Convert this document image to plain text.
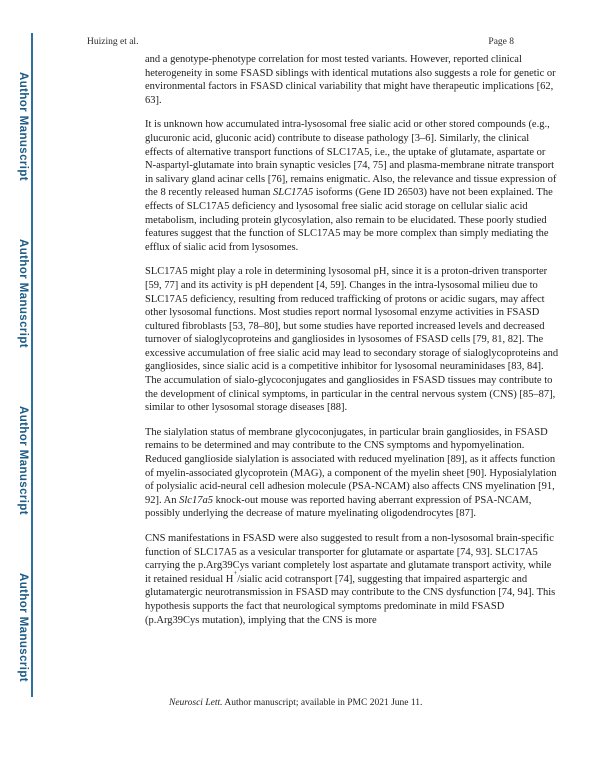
Huizing et al.	Page 8
Author Manuscript
Author Manuscript
Author Manuscript
Author Manuscript

and a genotype-phenotype correlation for most tested variants. However, reported clinical heterogeneity in some FSASD siblings with identical mutations also suggests a role for genetic or environmental factors in FSASD clinical variability that might have therapeutic implications [62, 63].

It is unknown how accumulated intra-lysosomal free sialic acid or other stored compounds (e.g., glucuronic acid, gluconic acid) contribute to disease pathology [3–6]. Similarly, the clinical effects of alternative transport functions of SLC17A5, i.e., the uptake of glutamate, aspartate or N-aspartyl-glutamate into brain synaptic vesicles [74, 75] and plasma-membrane nitrate transport in salivary gland acinar cells [76], remains enigmatic. Also, the relevance and tissue expression of the 8 recently released human SLC17A5 isoforms (Gene ID 26503) have not been explained. The effects of SLC17A5 deficiency and lysosomal free sialic acid storage on cellular sialic acid metabolism, including protein glycosylation, also remain to be elucidated. These poorly studied features suggest that the function of SLC17A5 may be more complex than simply mediating the efflux of sialic acid from lysosomes.

SLC17A5 might play a role in determining lysosomal pH, since it is a proton-driven transporter [59, 77] and its activity is pH dependent [4, 59]. Changes in the intra-lysosomal milieu due to SLC17A5 deficiency, resulting from reduced trafficking of protons or acidic sugars, may affect other lysosomal functions. Most studies report normal lysosomal enzyme activities in FSASD cultured fibroblasts [53, 78–80], but some studies have reported increased levels and decreased turnover of sialoglycoproteins and gangliosides in lysosomes of FSASD cells [79, 81, 82]. The excessive accumulation of free sialic acid may lead to secondary storage of sialoglycoproteins and gangliosides, since sialic acid is a competitive inhibitor for lysosomal neuraminidases [83, 84]. The accumulation of sialo-glycoconjugates and gangliosides in FSASD tissues may contribute to the development of clinical symptoms, in particular in the central nervous system (CNS) [85–87], similar to other lysosomal storage diseases [88].

The sialylation status of membrane glycoconjugates, in particular brain gangliosides, in FSASD remains to be determined and may contribute to the CNS symptoms and hypomyelination. Reduced ganglioside sialylation is associated with reduced myelination [89], as it affects function of myelin-associated glycoprotein (MAG), a component of the myelin sheet [90]. Hyposialylation of polysialic acid-neural cell adhesion molecule (PSA-NCAM) also affects CNS myelination [91, 92]. An Slc17a5 knock-out mouse was reported having aberrant expression of PSA-NCAM, possibly underlying the decrease of mature myelinating oligodendrocytes [87].

CNS manifestations in FSASD were also suggested to result from a non-lysosomal brain-specific function of SLC17A5 as a vesicular transporter for glutamate or aspartate [74, 93]. SLC17A5 carrying the p.Arg39Cys variant completely lost aspartate and glutamate transport activity, while it retained residual H+/sialic acid cotransport [74], suggesting that impaired aspartergic and glutamatergic neurotransmission in FSASD may contribute to the CNS dysfunction [74, 94]. This hypothesis supports the fact that neurological symptoms predominate in mild FSASD (p.Arg39Cys mutation), implying that the CNS is more

Neurosci Lett. Author manuscript; available in PMC 2021 June 11.
